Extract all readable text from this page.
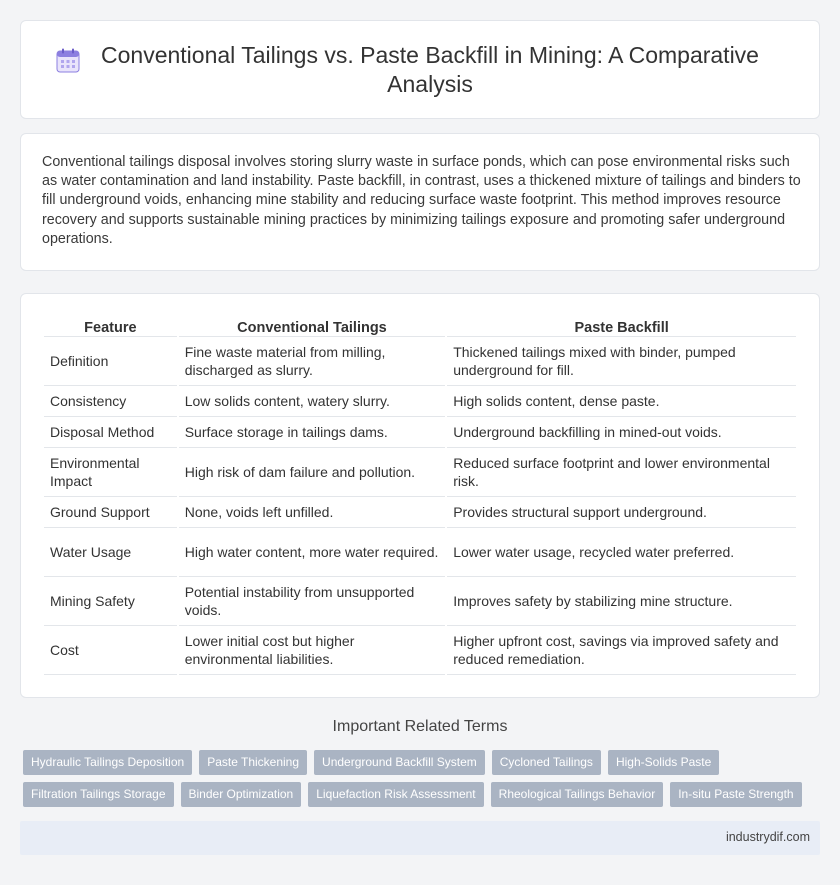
Conventional Tailings vs. Paste Backfill in Mining: A Comparative Analysis

Conventional tailings disposal involves storing slurry waste in surface ponds, which can pose environmental risks such as water contamination and land instability. Paste backfill, in contrast, uses a thickened mixture of tailings and binders to fill underground voids, enhancing mine stability and reducing surface waste footprint. This method improves resource recovery and supports sustainable mining practices by minimizing tailings exposure and promoting safer underground operations.

Feature	Conventional Tailings	Paste Backfill
Definition	Fine waste material from milling, discharged as slurry.	Thickened tailings mixed with binder, pumped underground for fill.
Consistency	Low solids content, watery slurry.	High solids content, dense paste.
Disposal Method	Surface storage in tailings dams.	Underground backfilling in mined-out voids.
Environmental Impact	High risk of dam failure and pollution.	Reduced surface footprint and lower environmental risk.
Ground Support	None, voids left unfilled.	Provides structural support underground.
Water Usage	High water content, more water required.	Lower water usage, recycled water preferred.
Mining Safety	Potential instability from unsupported voids.	Improves safety by stabilizing mine structure.
Cost	Lower initial cost but higher environmental liabilities.	Higher upfront cost, savings via improved safety and reduced remediation.
Important Related Terms
Hydraulic Tailings Deposition	Paste Thickening	Underground Backfill System	Cycloned Tailings	High-Solids Paste
Filtration Tailings Storage	Binder Optimization	Liquefaction Risk Assessment	Rheological Tailings Behavior	In-situ Paste Strength
industrydif.com
